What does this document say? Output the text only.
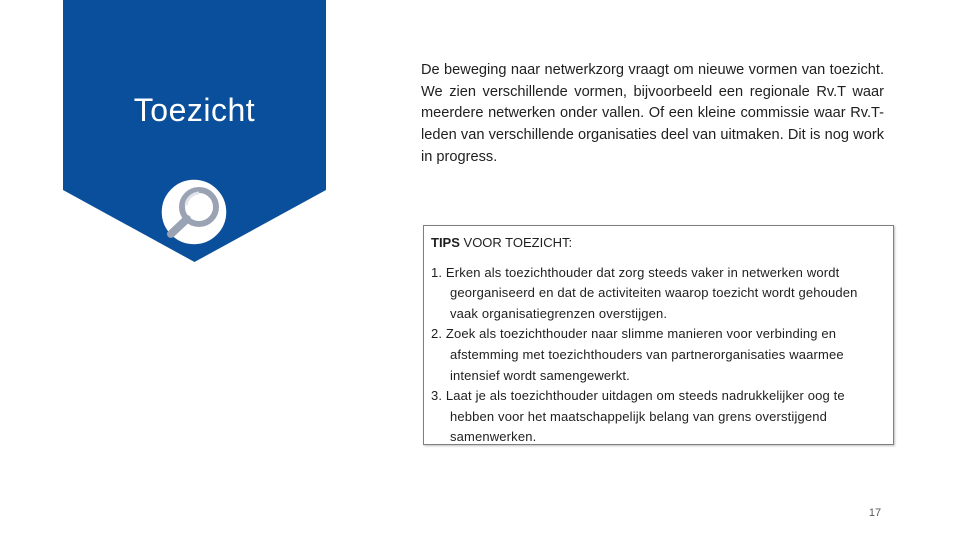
Toezicht
De beweging naar netwerkzorg vraagt om nieuwe vormen van toezicht. We zien verschillende vormen, bijvoorbeeld een regionale Rv.T waar meerdere netwerken onder vallen. Of een kleine commissie waar Rv.T-leden van verschillende organisaties deel van uitmaken. Dit is nog work in progress.
TIPS VOOR TOEZICHT:
1. Erken als toezichthouder dat zorg steeds vaker in netwerken wordt georganiseerd en dat de activiteiten waarop toezicht wordt gehouden vaak organisatiegrenzen overstijgen.
2. Zoek als toezichthouder naar slimme manieren voor verbinding en afstemming met toezichthouders van partnerorganisaties waarmee intensief wordt samengewerkt.
3. Laat je als toezichthouder uitdagen om steeds nadrukkelijker oog te hebben voor het maatschappelijk belang van grens overstijgend samenwerken.
17
